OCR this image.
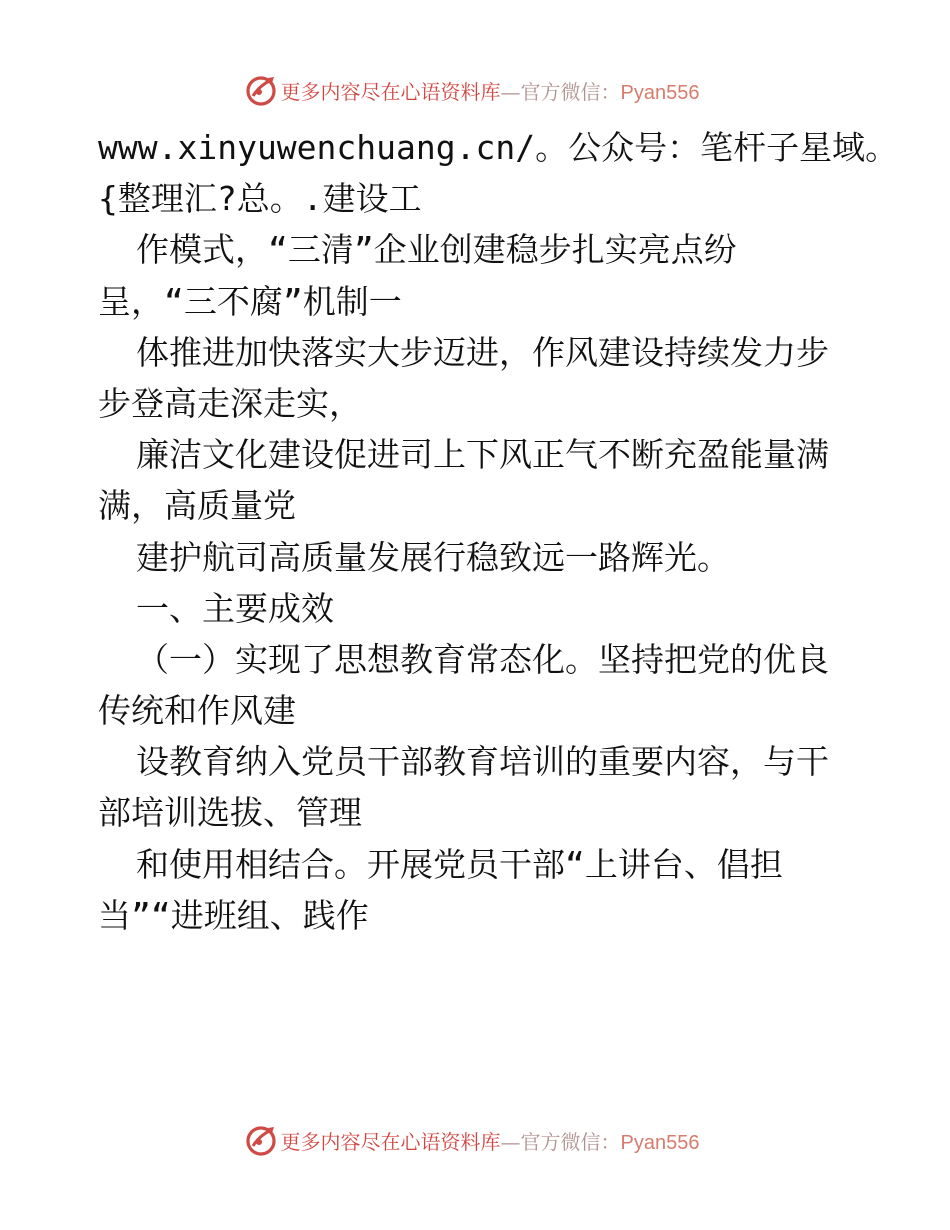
更多内容尽在心语资料库—官方微信：Pyan556
www.xinyuwenchuang.cn/。公众号：笔杆子星域。
{整理汇?总。.建设工
作模式，“三清”企业创建稳步扎实亮点纷
呈，“三不腐”机制一
体推进加快落实大步迈进，作风建设持续发力步
步登高走深走实，
廉洁文化建设促进司上下风正气不断充盈能量满
满，高质量党
建护航司高质量发展行稳致远一路辉光。
一、主要成效
（一）实现了思想教育常态化。坚持把党的优良
传统和作风建
设教育纳入党员干部教育培训的重要内容，与干
部培训选拔、管理
和使用相结合。开展党员干部“上讲台、倡担
当”“进班组、践作
更多内容尽在心语资料库—官方微信：Pyan556
